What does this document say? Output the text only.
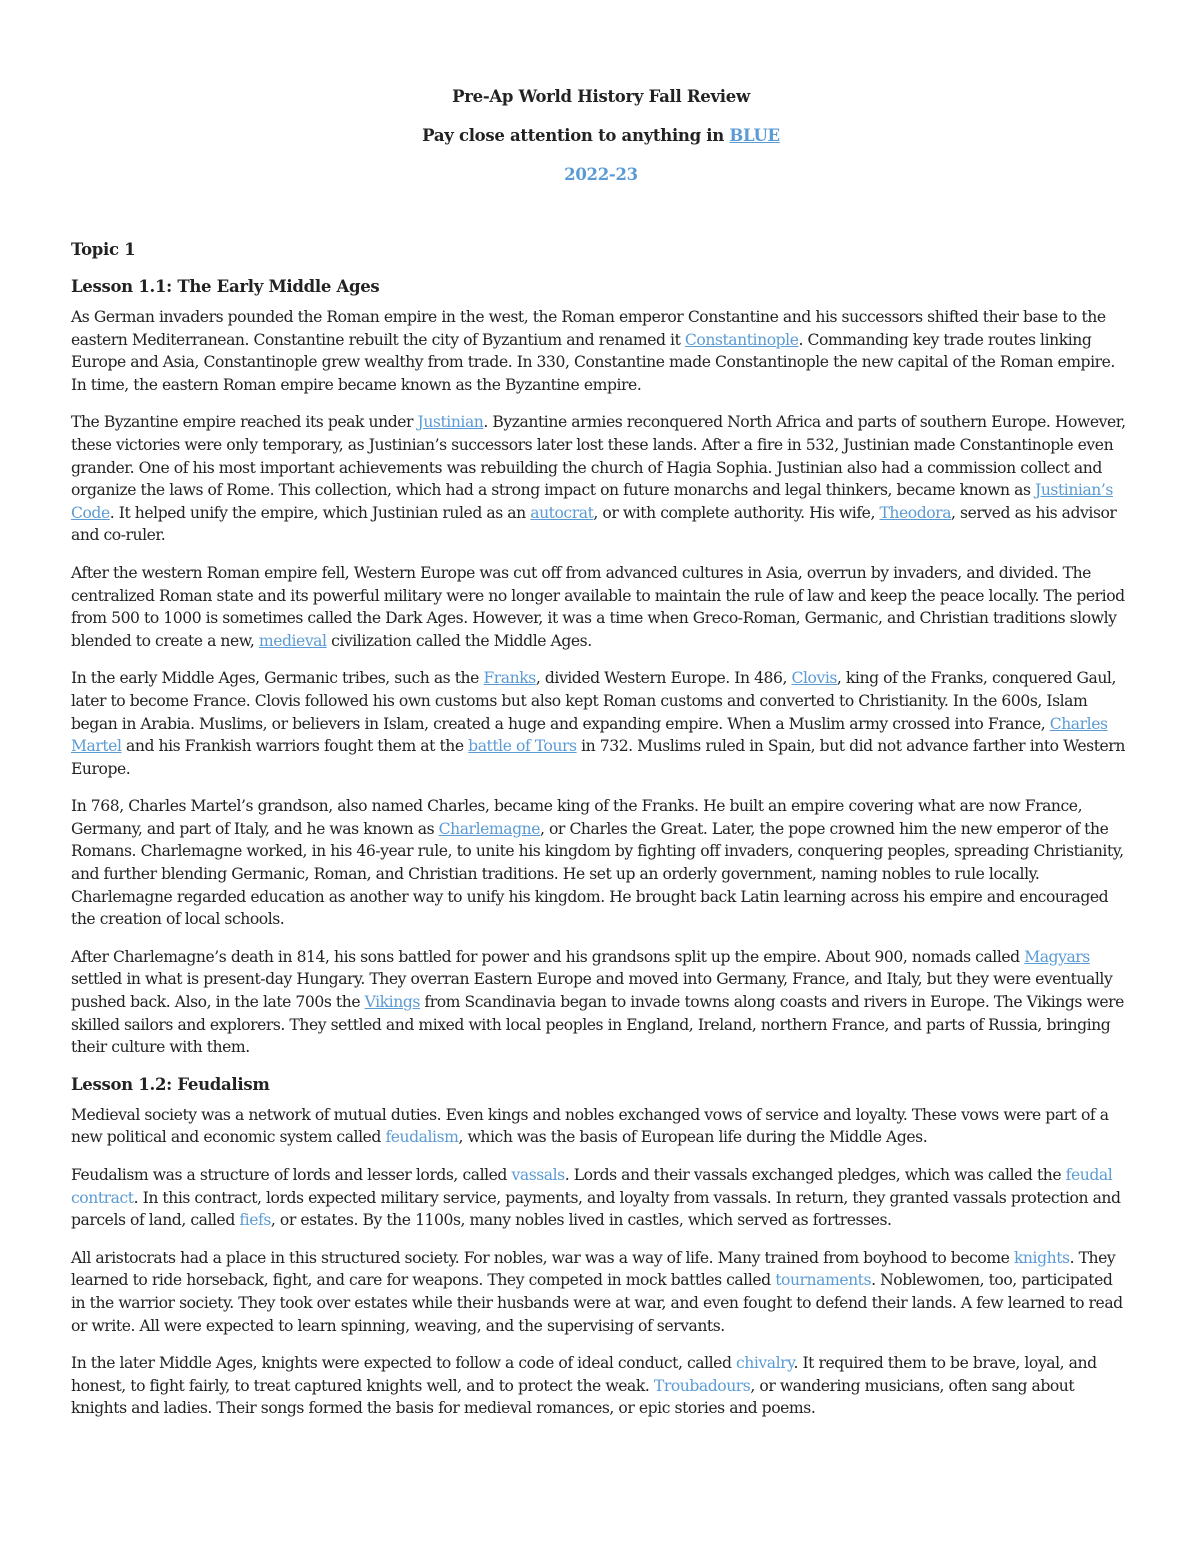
Pre-Ap World History Fall Review

Pay close attention to anything in BLUE

2022-23

Topic 1
Lesson 1.1: The Early Middle Ages

As German invaders pounded the Roman empire in the west, the Roman emperor Constantine and his successors shifted their base to the eastern Mediterranean. Constantine rebuilt the city of Byzantium and renamed it Constantinople. Commanding key trade routes linking Europe and Asia, Constantinople grew wealthy from trade. In 330, Constantine made Constantinople the new capital of the Roman empire. In time, the eastern Roman empire became known as the Byzantine empire.

The Byzantine empire reached its peak under Justinian. Byzantine armies reconquered North Africa and parts of southern Europe. However, these victories were only temporary, as Justinian’s successors later lost these lands. After a fire in 532, Justinian made Constantinople even grander. One of his most important achievements was rebuilding the church of Hagia Sophia. Justinian also had a commission collect and organize the laws of Rome. This collection, which had a strong impact on future monarchs and legal thinkers, became known as Justinian’s Code. It helped unify the empire, which Justinian ruled as an autocrat, or with complete authority. His wife, Theodora, served as his advisor and co-ruler.

After the western Roman empire fell, Western Europe was cut off from advanced cultures in Asia, overrun by invaders, and divided. The centralized Roman state and its powerful military were no longer available to maintain the rule of law and keep the peace locally. The period from 500 to 1000 is sometimes called the Dark Ages. However, it was a time when Greco-Roman, Germanic, and Christian traditions slowly blended to create a new, medieval civilization called the Middle Ages.

In the early Middle Ages, Germanic tribes, such as the Franks, divided Western Europe. In 486, Clovis, king of the Franks, conquered Gaul, later to become France. Clovis followed his own customs but also kept Roman customs and converted to Christianity. In the 600s, Islam began in Arabia. Muslims, or believers in Islam, created a huge and expanding empire. When a Muslim army crossed into France, Charles Martel and his Frankish warriors fought them at the battle of Tours in 732. Muslims ruled in Spain, but did not advance farther into Western Europe.

In 768, Charles Martel’s grandson, also named Charles, became king of the Franks. He built an empire covering what are now France, Germany, and part of Italy, and he was known as Charlemagne, or Charles the Great. Later, the pope crowned him the new emperor of the Romans. Charlemagne worked, in his 46-year rule, to unite his kingdom by fighting off invaders, conquering peoples, spreading Christianity, and further blending Germanic, Roman, and Christian traditions. He set up an orderly government, naming nobles to rule locally. Charlemagne regarded education as another way to unify his kingdom. He brought back Latin learning across his empire and encouraged the creation of local schools.

After Charlemagne’s death in 814, his sons battled for power and his grandsons split up the empire. About 900, nomads called Magyars settled in what is present-day Hungary. They overran Eastern Europe and moved into Germany, France, and Italy, but they were eventually pushed back. Also, in the late 700s the Vikings from Scandinavia began to invade towns along coasts and rivers in Europe. The Vikings were skilled sailors and explorers. They settled and mixed with local peoples in England, Ireland, northern France, and parts of Russia, bringing their culture with them.

Lesson 1.2: Feudalism

Medieval society was a network of mutual duties. Even kings and nobles exchanged vows of service and loyalty. These vows were part of a new political and economic system called feudalism, which was the basis of European life during the Middle Ages.

Feudalism was a structure of lords and lesser lords, called vassals. Lords and their vassals exchanged pledges, which was called the feudal contract. In this contract, lords expected military service, payments, and loyalty from vassals. In return, they granted vassals protection and parcels of land, called fiefs, or estates. By the 1100s, many nobles lived in castles, which served as fortresses.

All aristocrats had a place in this structured society. For nobles, war was a way of life. Many trained from boyhood to become knights. They learned to ride horseback, fight, and care for weapons. They competed in mock battles called tournaments. Noblewomen, too, participated in the warrior society. They took over estates while their husbands were at war, and even fought to defend their lands. A few learned to read or write. All were expected to learn spinning, weaving, and the supervising of servants.

In the later Middle Ages, knights were expected to follow a code of ideal conduct, called chivalry. It required them to be brave, loyal, and honest, to fight fairly, to treat captured knights well, and to protect the weak. Troubadours, or wandering musicians, often sang about knights and ladies. Their songs formed the basis for medieval romances, or epic stories and poems.
